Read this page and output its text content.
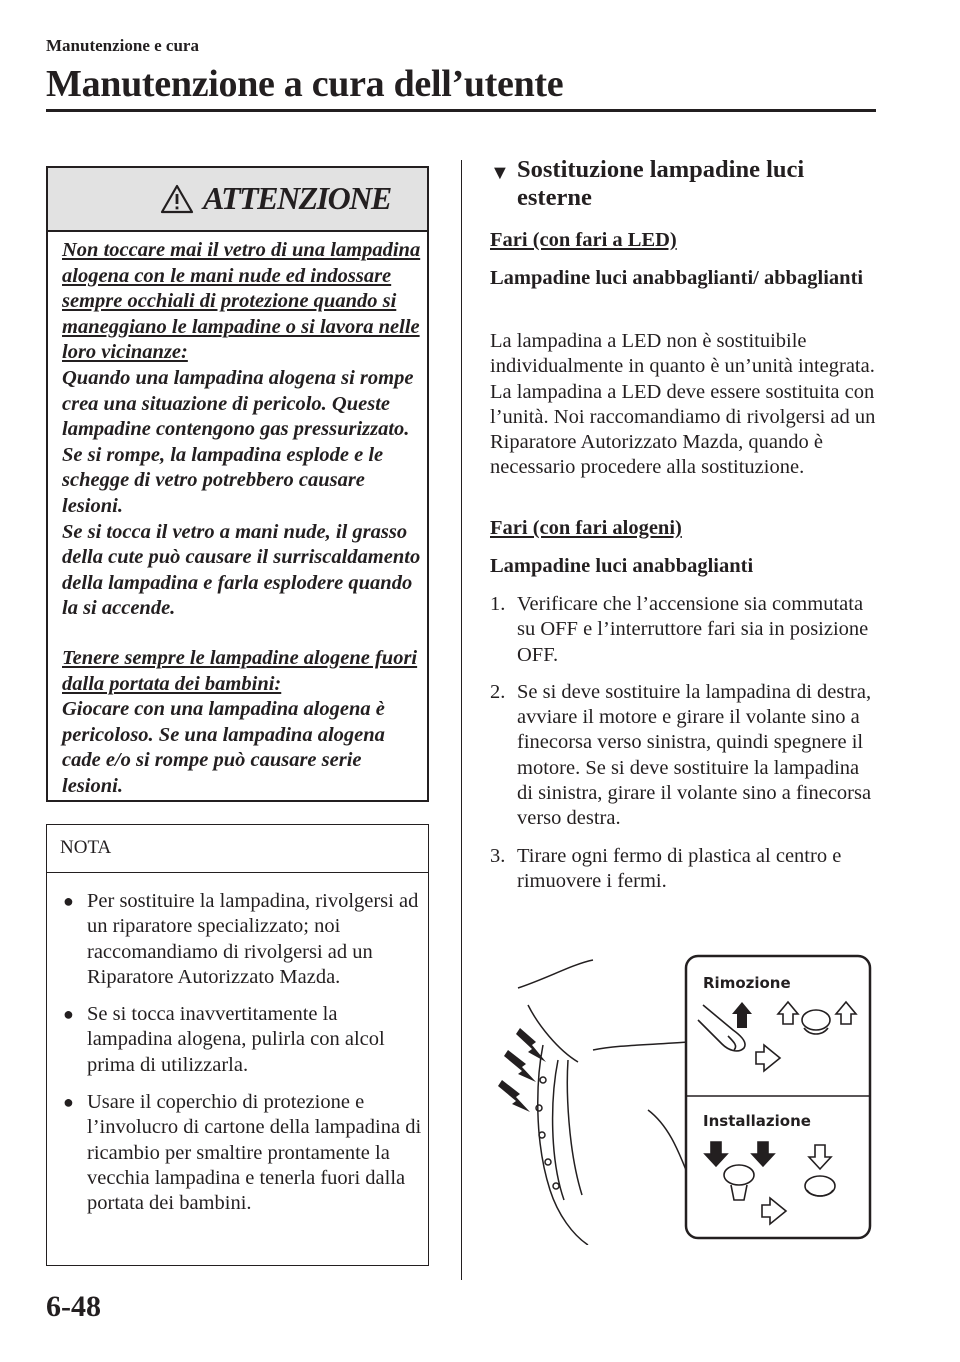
Manutenzione e cura
Manutenzione a cura dell’utente
ATTENZIONE

Non toccare mai il vetro di una lampadina alogena con le mani nude ed indossare sempre occhiali di protezione quando si maneggiano le lampadine o si lavora nelle loro vicinanze:

Quando una lampadina alogena si rompe crea una situazione di pericolo. Queste lampadine contengono gas pressurizzato. Se si rompe, la lampadina esplode e le schegge di vetro potrebbero causare lesioni.

Se si tocca il vetro a mani nude, il grasso della cute può causare il surriscaldamento della lampadina e farla esplodere quando la si accende.

Tenere sempre le lampadine alogene fuori dalla portata dei bambini:

Giocare con una lampadina alogena è pericoloso. Se una lampadina alogena cade e/o si rompe può causare serie lesioni.

NOTA
● Per sostituire la lampadina, rivolgersi ad un riparatore specializzato; noi raccomandiamo di rivolgersi ad un Riparatore Autorizzato Mazda.
● Se si tocca inavvertitamente la lampadina alogena, pulirla con alcol prima di utilizzarla.
● Usare il coperchio di protezione e l’involucro di cartone della lampadina di ricambio per smaltire prontamente la vecchia lampadina e tenerla fuori dalla portata dei bambini.
▼ Sostituzione lampadine luci esterne
Fari (con fari a LED)
Lampadine luci anabbaglianti/ abbaglianti
La lampadina a LED non è sostituibile individualmente in quanto è un’unità integrata. La lampadina a LED deve essere sostituita con l’unità. Noi raccomandiamo di rivolgersi ad un Riparatore Autorizzato Mazda, quando è necessario procedere alla sostituzione.
Fari (con fari alogeni)
Lampadine luci anabbaglianti
1. Verificare che l’accensione sia commutata su OFF e l’interruttore fari sia in posizione OFF.
2. Se si deve sostituire la lampadina di destra, avviare il motore e girare il volante sino a finecorsa verso sinistra, quindi spegnere il motore. Se si deve sostituire la lampadina di sinistra, girare il volante sino a finecorsa verso destra.
3. Tirare ogni fermo di plastica al centro e rimuovere i fermi.
Rimozione
Installazione
6-48
